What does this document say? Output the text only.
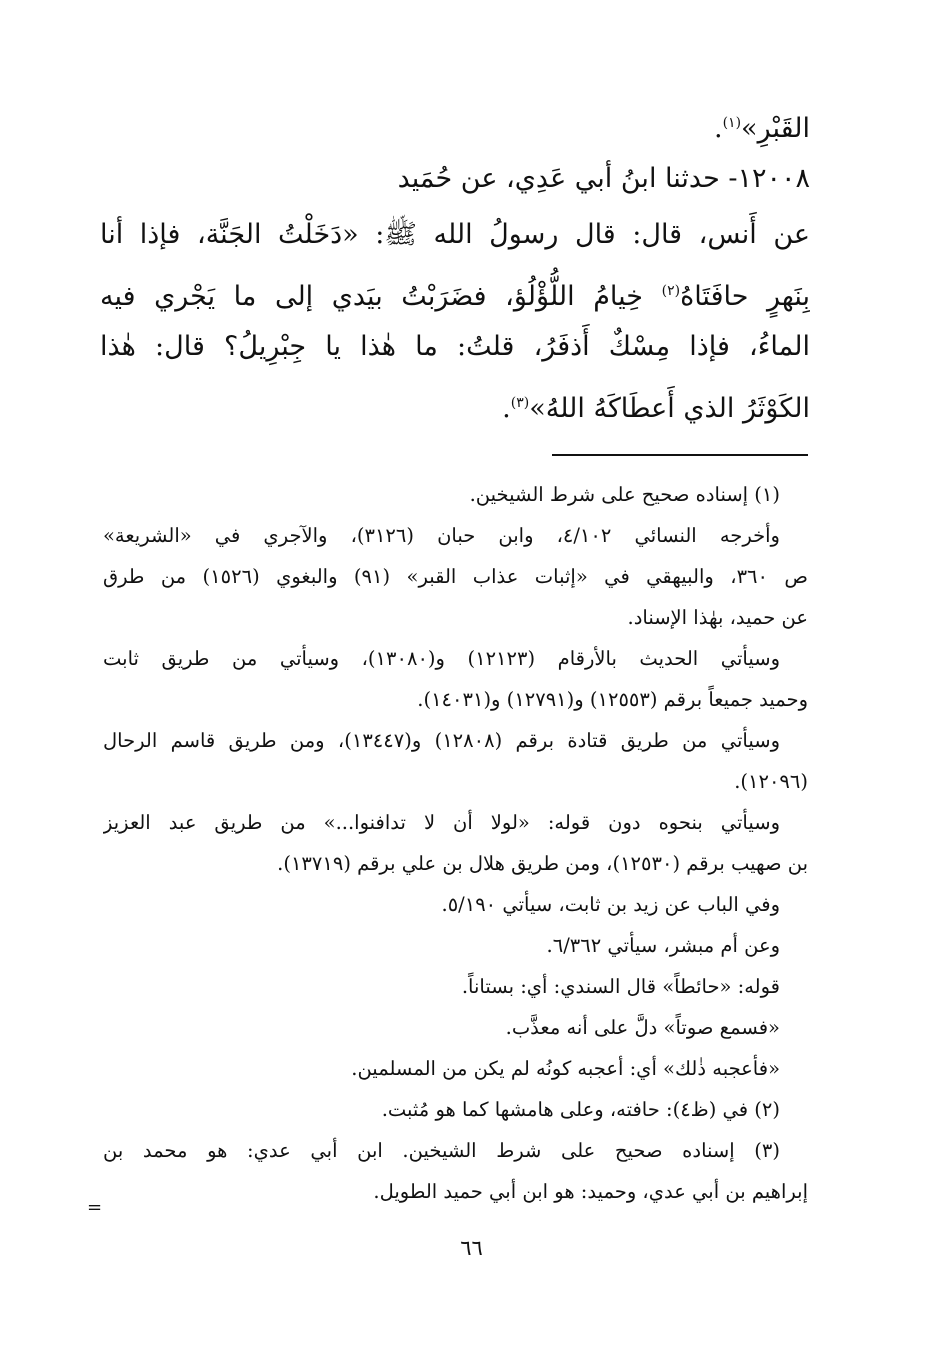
القَبْرِ»$^{(١)}$.
١٢٠٠٨- حدثنا ابنُ أبي عَدِي، عن حُمَيد
عن أَنس، قال: قال رسولُ الله ﷺ: «دَخَلْتُ الجَنَّة، فإذا أنا
بِنَهرٍ حافَتَاهُ$^{(٢)}$ خِيامُ اللُّؤْلُؤ، فضَرَبْتُ بيَدي إلى ما يَجْري فيه
الماءُ، فإذا مِسْكٌ أَذفَرُ، قلتُ: ما هٰذا يا جِبْرِيلُ؟ قال: هٰذا
الكَوْثَرُ الذي أَعطَاكَهُ اللهُ»$^{(٣)}$.
(١) إسناده صحيح على شرط الشيخين.
وأخرجه النسائي ٤/١٠٢، وابن حبان (٣١٢٦)، والآجري في «الشريعة»
ص ٣٦٠، والبيهقي في «إثبات عذاب القبر» (٩١) والبغوي (١٥٢٦) من طرق
عن حميد، بهٰذا الإسناد.
وسيأتي الحديث بالأرقام (١٢١٢٣) و(١٣٠٨٠)، وسيأتي من طريق ثابت
وحميد جميعاً برقم (١٢٥٥٣) و(١٢٧٩١) و(١٤٠٣١).
وسيأتي من طريق قتادة برقم (١٢٨٠٨) و(١٣٤٤٧)، ومن طريق قاسم الرحال
(١٢٠٩٦).
وسيأتي بنحوه دون قوله: «لولا أن لا تدافنوا...» من طريق عبد العزيز
بن صهيب برقم (١٢٥٣٠)، ومن طريق هلال بن علي برقم (١٣٧١٩).
وفي الباب عن زيد بن ثابت، سيأتي ٥/١٩٠.
وعن أم مبشر، سيأتي ٦/٣٦٢.
قوله: «حائطاً» قال السندي: أي: بستاناً.
«فسمع صوتاً» دلَّ على أنه معذَّب.
«فأعجبه ذٰلك» أي: أعجبه كونُه لم يكن من المسلمين.
(٢) في (ظ٤): حافته، وعلى هامشها كما هو مُثبت.
(٣) إسناده صحيح على شرط الشيخين. ابن أبي عدي: هو محمد بن
إبراهيم بن أبي عدي، وحميد: هو ابن أبي حميد الطويل.
=
٦٦
